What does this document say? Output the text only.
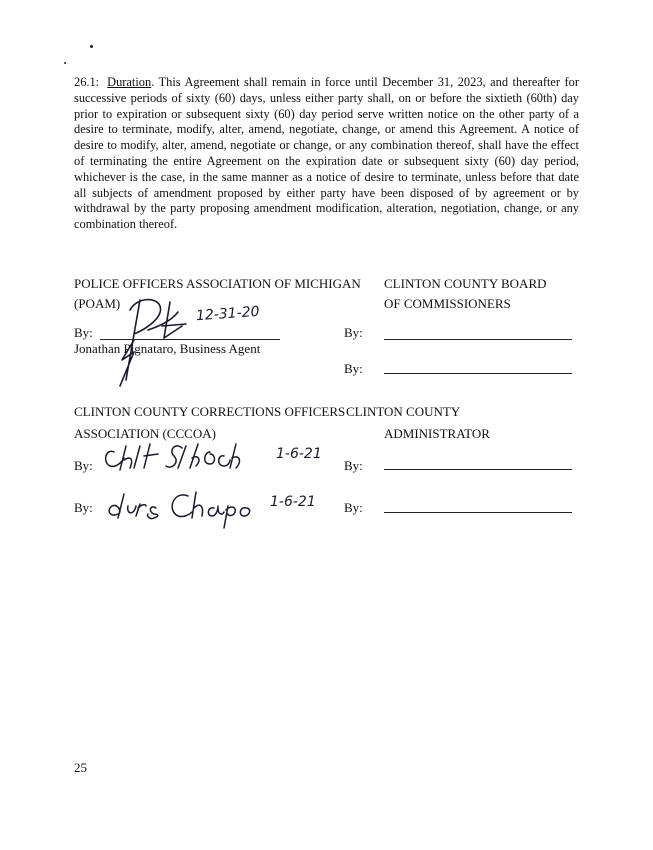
26.1: Duration. This Agreement shall remain in force until December 31, 2023, and thereafter for successive periods of sixty (60) days, unless either party shall, on or before the sixtieth (60th) day prior to expiration or subsequent sixty (60) day period serve written notice on the other party of a desire to terminate, modify, alter, amend, negotiate, change, or amend this Agreement. A notice of desire to modify, alter, amend, negotiate or change, or any combination thereof, shall have the effect of terminating the entire Agreement on the expiration date or subsequent sixty (60) day period, whichever is the case, in the same manner as a notice of desire to terminate, unless before that date all subjects of amendment proposed by either party have been disposed of by agreement or by withdrawal by the party proposing amendment modification, alteration, negotiation, change, or any combination thereof.

POLICE OFFICERS ASSOCIATION OF MICHIGAN
(POAM)
CLINTON COUNTY BOARD
OF COMMISSIONERS
By:
Jonathan Pignataro, Business Agent
12-31-20
By:
By:
CLINTON COUNTY CORRECTIONS OFFICERS CLINTON COUNTY
ASSOCIATION (CCCOA)	ADMINISTRATOR
By:
1-6-21
By:
By:	1-6-21 By:
25
